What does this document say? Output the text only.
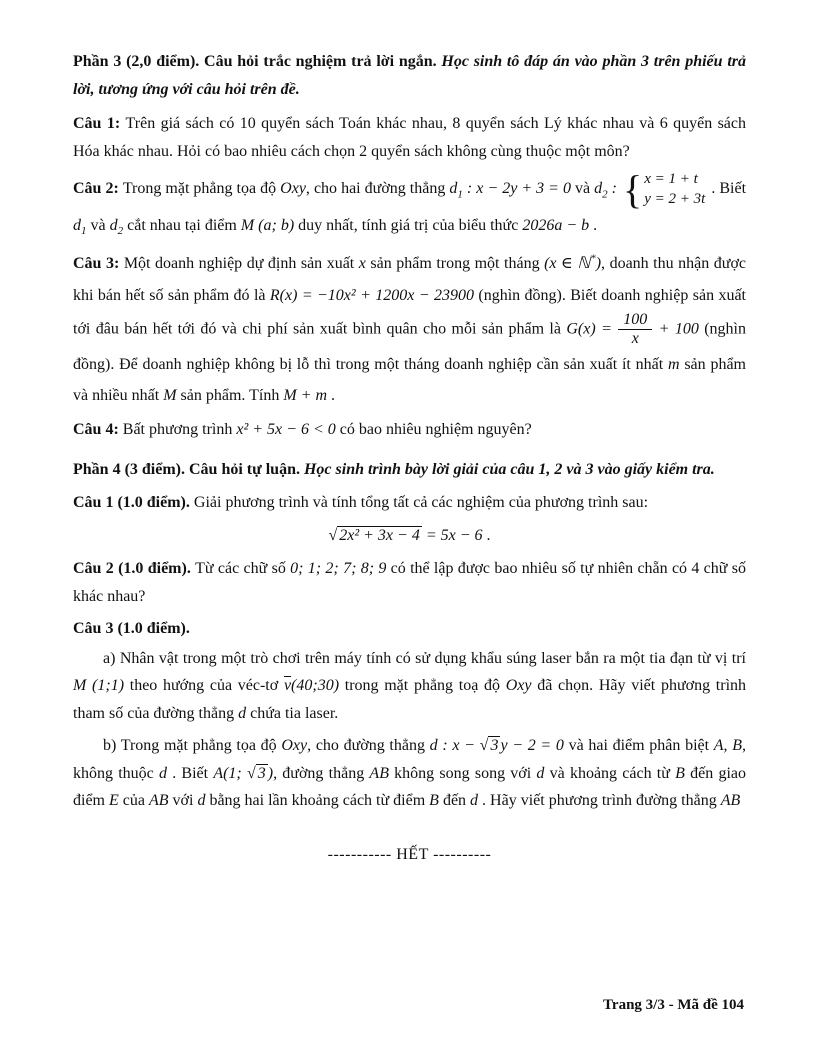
Phần 3 (2,0 điểm). Câu hỏi trắc nghiệm trả lời ngắn. Học sinh tô đáp án vào phần 3 trên phiếu trả lời, tương ứng với câu hỏi trên đề.

Câu 1: Trên giá sách có 10 quyển sách Toán khác nhau, 8 quyển sách Lý khác nhau và 6 quyển sách Hóa khác nhau. Hỏi có bao nhiêu cách chọn 2 quyển sách không cùng thuộc một môn?

Câu 2: Trong mặt phẳng tọa độ Oxy, cho hai đường thẳng $d_1$ : x − 2y + 3 = 0 và $d_2$ : { x = 1 + t
y = 2 + 3t
. Biết $d_1$ và $d_2$ cắt nhau tại điểm M (a; b) duy nhất, tính giá trị của biểu thức 2026a − b .

Câu 3: Một doanh nghiệp dự định sản xuất x sản phẩm trong một tháng (x ∈ ℕ*), doanh thu nhận được khi bán hết số sản phẩm đó là R(x) = −10x² + 1200x − 23900 (nghìn đồng). Biết doanh nghiệp sản xuất tới đâu bán hết tới đó và chi phí sản xuất bình quân cho mỗi sản phẩm là $G(x) = \frac{100}{x} + 100$ (nghìn đồng). Để doanh nghiệp không bị lỗ thì trong một tháng doanh nghiệp cần sản xuất ít nhất m sản phẩm và nhiều nhất M sản phẩm. Tính M + m .

Câu 4: Bất phương trình x² + 5x − 6 < 0 có bao nhiêu nghiệm nguyên?

Phần 4 (3 điểm). Câu hỏi tự luận. Học sinh trình bày lời giải của câu 1, 2 và 3 vào giấy kiểm tra.

Câu 1 (1.0 điểm). Giải phương trình và tính tổng tất cả các nghiệm của phương trình sau:

√ 2x² + 3x − 4 = 5x − 6 .

Câu 2 (1.0 điểm). Từ các chữ số 0; 1; 2; 7; 8; 9 có thể lập được bao nhiêu số tự nhiên chẵn có 4 chữ số khác nhau?

Câu 3 (1.0 điểm).

a) Nhân vật trong một trò chơi trên máy tính có sử dụng khẩu súng laser bắn ra một tia đạn từ vị trí M (1;1) theo hướng của véc-tơ $\overline{v}(40;30)$ trong mặt phẳng toạ độ Oxy đã chọn. Hãy viết phương trình tham số của đường thẳng d chứa tia laser.

b) Trong mặt phẳng tọa độ Oxy, cho đường thẳng d : x − √ 3 y − 2 = 0 và hai điểm phân biệt A, B, không thuộc d . Biết A(1; √ 3 ), đường thẳng AB không song song với d và khoảng cách từ B đến giao điểm E của AB với d bằng hai lần khoảng cách từ điểm B đến d . Hãy viết phương trình đường thẳng AB

----------- HẾT ----------

Trang 3/3 - Mã đề 104
